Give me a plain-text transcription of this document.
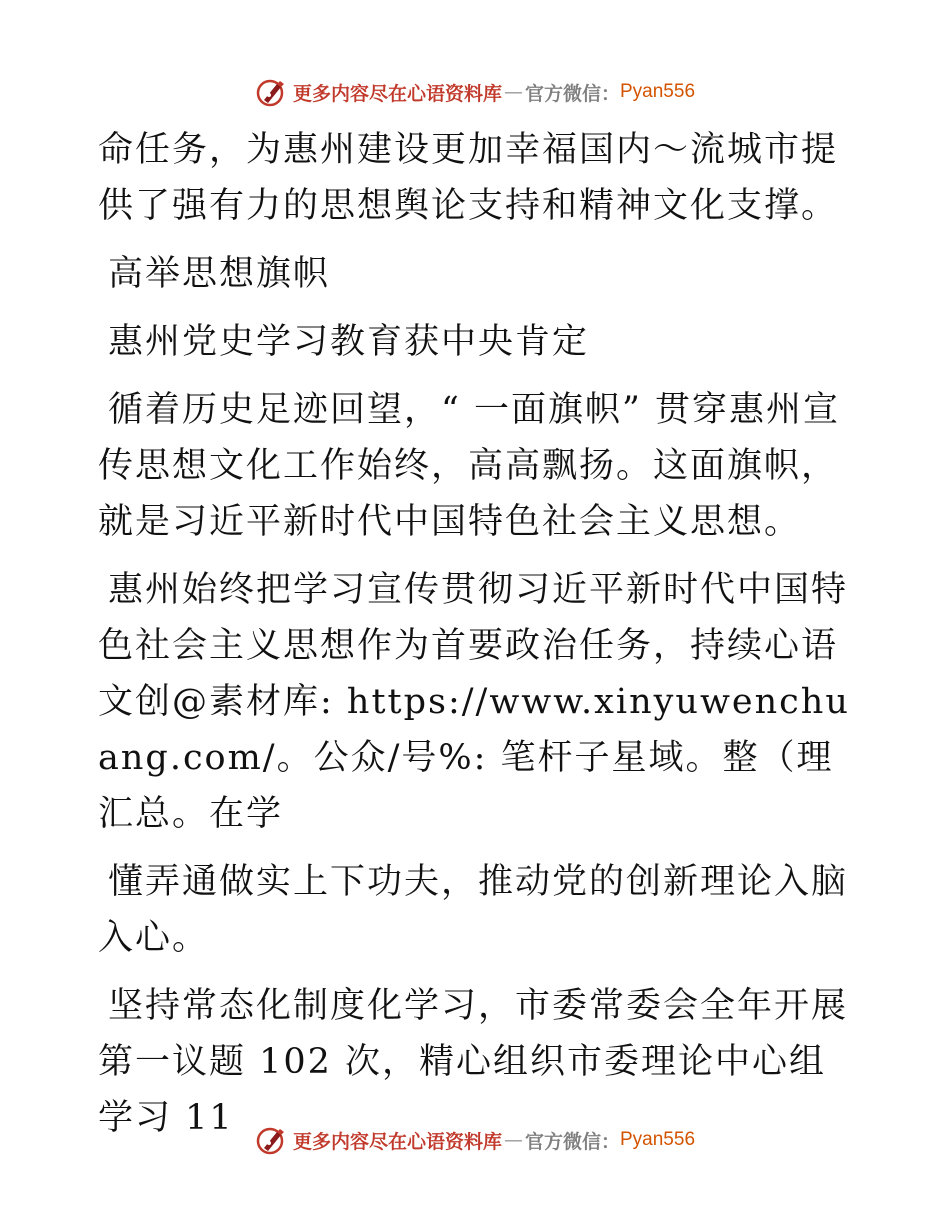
更多内容尽在心语资料库 — 官方微信： Pyan556

命任务，为惠州建设更加幸福国内～流城市提供了强有力的思想舆论支持和精神文化支撑。

高举思想旗帜

惠州党史学习教育获中央肯定

循着历史足迹回望，“ 一面旗帜” 贯穿惠州宣传思想文化工作始终，高高飘扬。这面旗帜，就是习近平新时代中国特色社会主义思想。

惠州始终把学习宣传贯彻习近平新时代中国特色社会主义思想作为首要政治任务，持续心语文创@素材库: https://www.xinyuwenchuang.com/。公众/号%: 笔杆子星域。整（理汇总。在学

懂弄通做实上下功夫，推动党的创新理论入脑入心。

坚持常态化制度化学习，市委常委会全年开展第一议题 102 次，精心组织市委理论中心组学习 11

更多内容尽在心语资料库 — 官方微信： Pyan556
